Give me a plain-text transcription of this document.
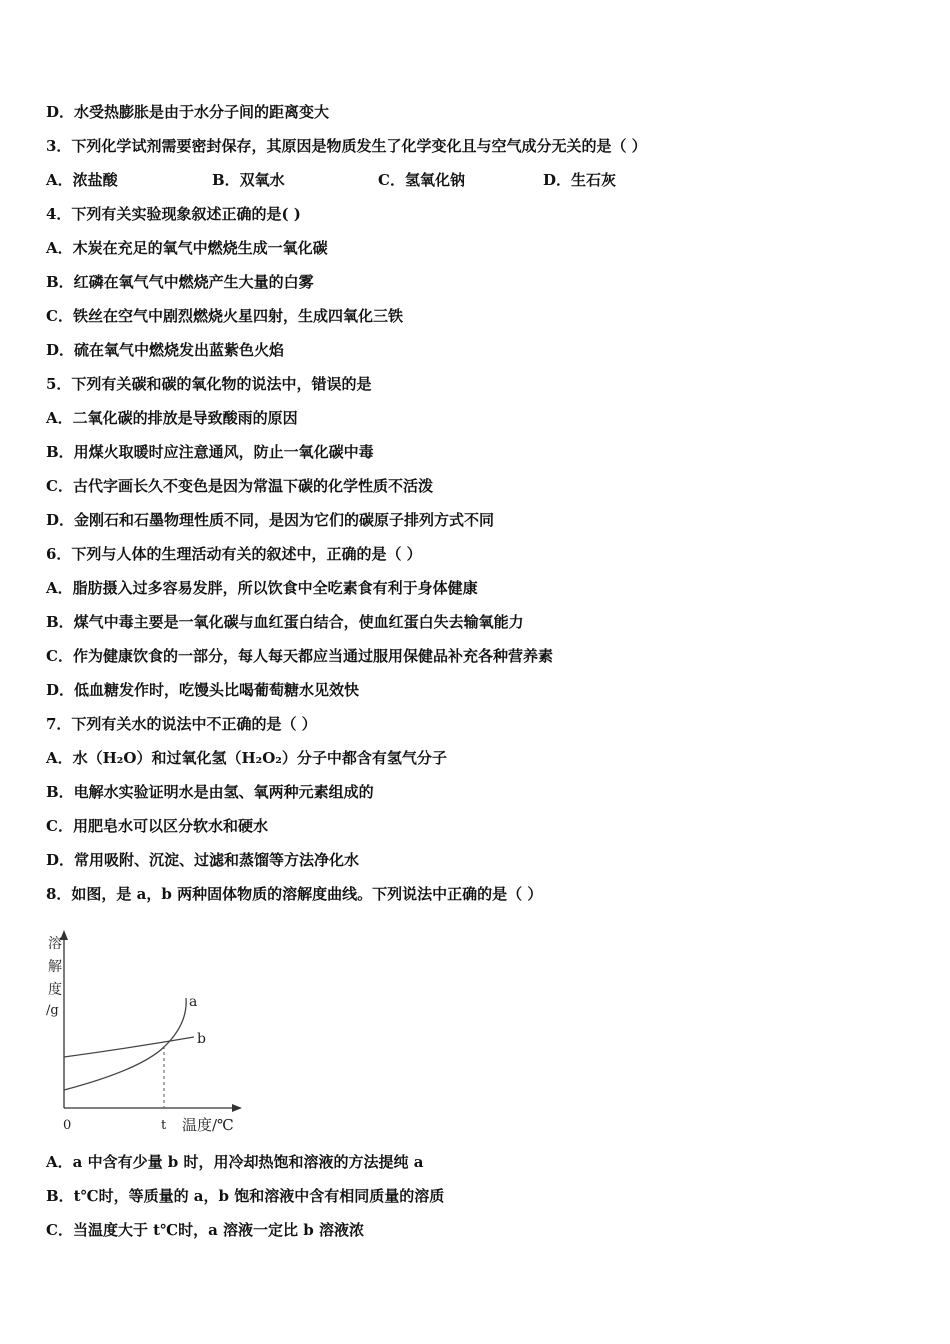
D．水受热膨胀是由于水分子间的距离变大
3．下列化学试剂需要密封保存，其原因是物质发生了化学变化且与空气成分无关的是（ ）
A．浓盐酸	B．双氧水	C．氢氧化钠	D．生石灰
4．下列有关实验现象叙述正确的是( )
A．木炭在充足的氧气中燃烧生成一氧化碳
B．红磷在氧气气中燃烧产生大量的白雾
C．铁丝在空气中剧烈燃烧火星四射，生成四氧化三铁
D．硫在氧气中燃烧发出蓝紫色火焰
5．下列有关碳和碳的氧化物的说法中，错误的是
A．二氧化碳的排放是导致酸雨的原因
B．用煤火取暖时应注意通风，防止一氧化碳中毒
C．古代字画长久不变色是因为常温下碳的化学性质不活泼
D．金刚石和石墨物理性质不同，是因为它们的碳原子排列方式不同
6．下列与人体的生理活动有关的叙述中，正确的是（ ）
A．脂肪摄入过多容易发胖，所以饮食中全吃素食有利于身体健康
B．煤气中毒主要是一氧化碳与血红蛋白结合，使血红蛋白失去输氧能力
C．作为健康饮食的一部分，每人每天都应当通过服用保健品补充各种营养素
D．低血糖发作时，吃馒头比喝葡萄糖水见效快
7．下列有关水的说法中不正确的是（ ）
A．水（H₂O）和过氧化氢（H₂O₂）分子中都含有氢气分子
B．电解水实验证明水是由氢、氧两种元素组成的
C．用肥皂水可以区分软水和硬水
D．常用吸附、沉淀、过滤和蒸馏等方法净化水
8．如图，是 a，b 两种固体物质的溶解度曲线。下列说法中正确的是（ ）
溶
解
度
/g
a
b
0	t 温度/℃
A．a 中含有少量 b 时，用冷却热饱和溶液的方法提纯 a
B．t℃时，等质量的 a，b 饱和溶液中含有相同质量的溶质
C．当温度大于 t℃时，a 溶液一定比 b 溶液浓
